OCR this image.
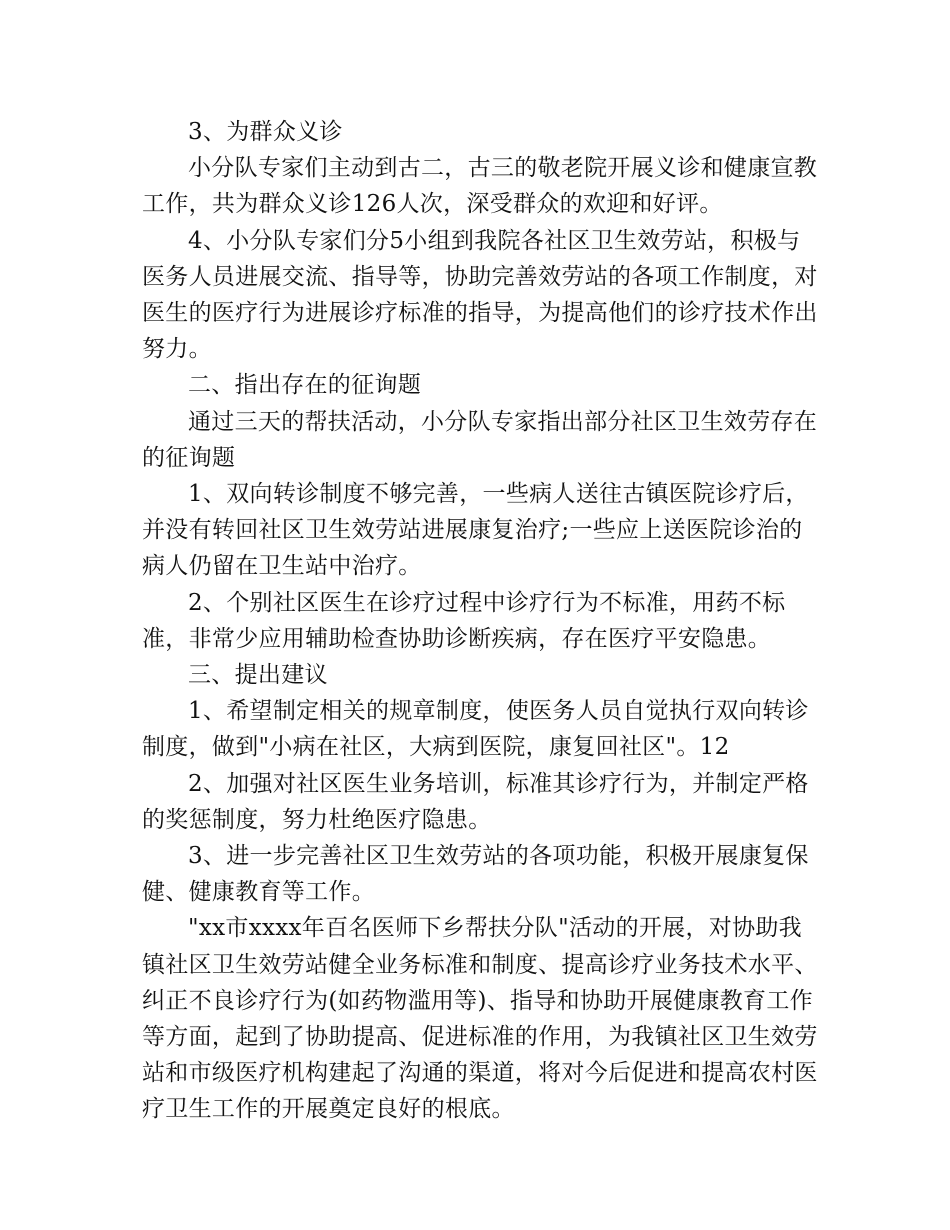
3、为群众义诊

小分队专家们主动到古二，古三的敬老院开展义诊和健康宣教工作，共为群众义诊126人次，深受群众的欢迎和好评。

4、小分队专家们分5小组到我院各社区卫生效劳站，积极与医务人员进展交流、指导等，协助完善效劳站的各项工作制度，对医生的医疗行为进展诊疗标准的指导，为提高他们的诊疗技术作出努力。

二、指出存在的征询题

通过三天的帮扶活动，小分队专家指出部分社区卫生效劳存在的征询题

1、双向转诊制度不够完善，一些病人送往古镇医院诊疗后，并没有转回社区卫生效劳站进展康复治疗;一些应上送医院诊治的病人仍留在卫生站中治疗。

2、个别社区医生在诊疗过程中诊疗行为不标准，用药不标准，非常少应用辅助检查协助诊断疾病，存在医疗平安隐患。

三、提出建议

1、希望制定相关的规章制度，使医务人员自觉执行双向转诊制度，做到"小病在社区，大病到医院，康复回社区"。12

2、加强对社区医生业务培训，标准其诊疗行为，并制定严格的奖惩制度，努力杜绝医疗隐患。

3、进一步完善社区卫生效劳站的各项功能，积极开展康复保健、健康教育等工作。

"xx市xxxx年百名医师下乡帮扶分队"活动的开展，对协助我镇社区卫生效劳站健全业务标准和制度、提高诊疗业务技术水平、纠正不良诊疗行为(如药物滥用等)、指导和协助开展健康教育工作等方面，起到了协助提高、促进标准的作用，为我镇社区卫生效劳站和市级医疗机构建起了沟通的渠道，将对今后促进和提高农村医疗卫生工作的开展奠定良好的根底。
